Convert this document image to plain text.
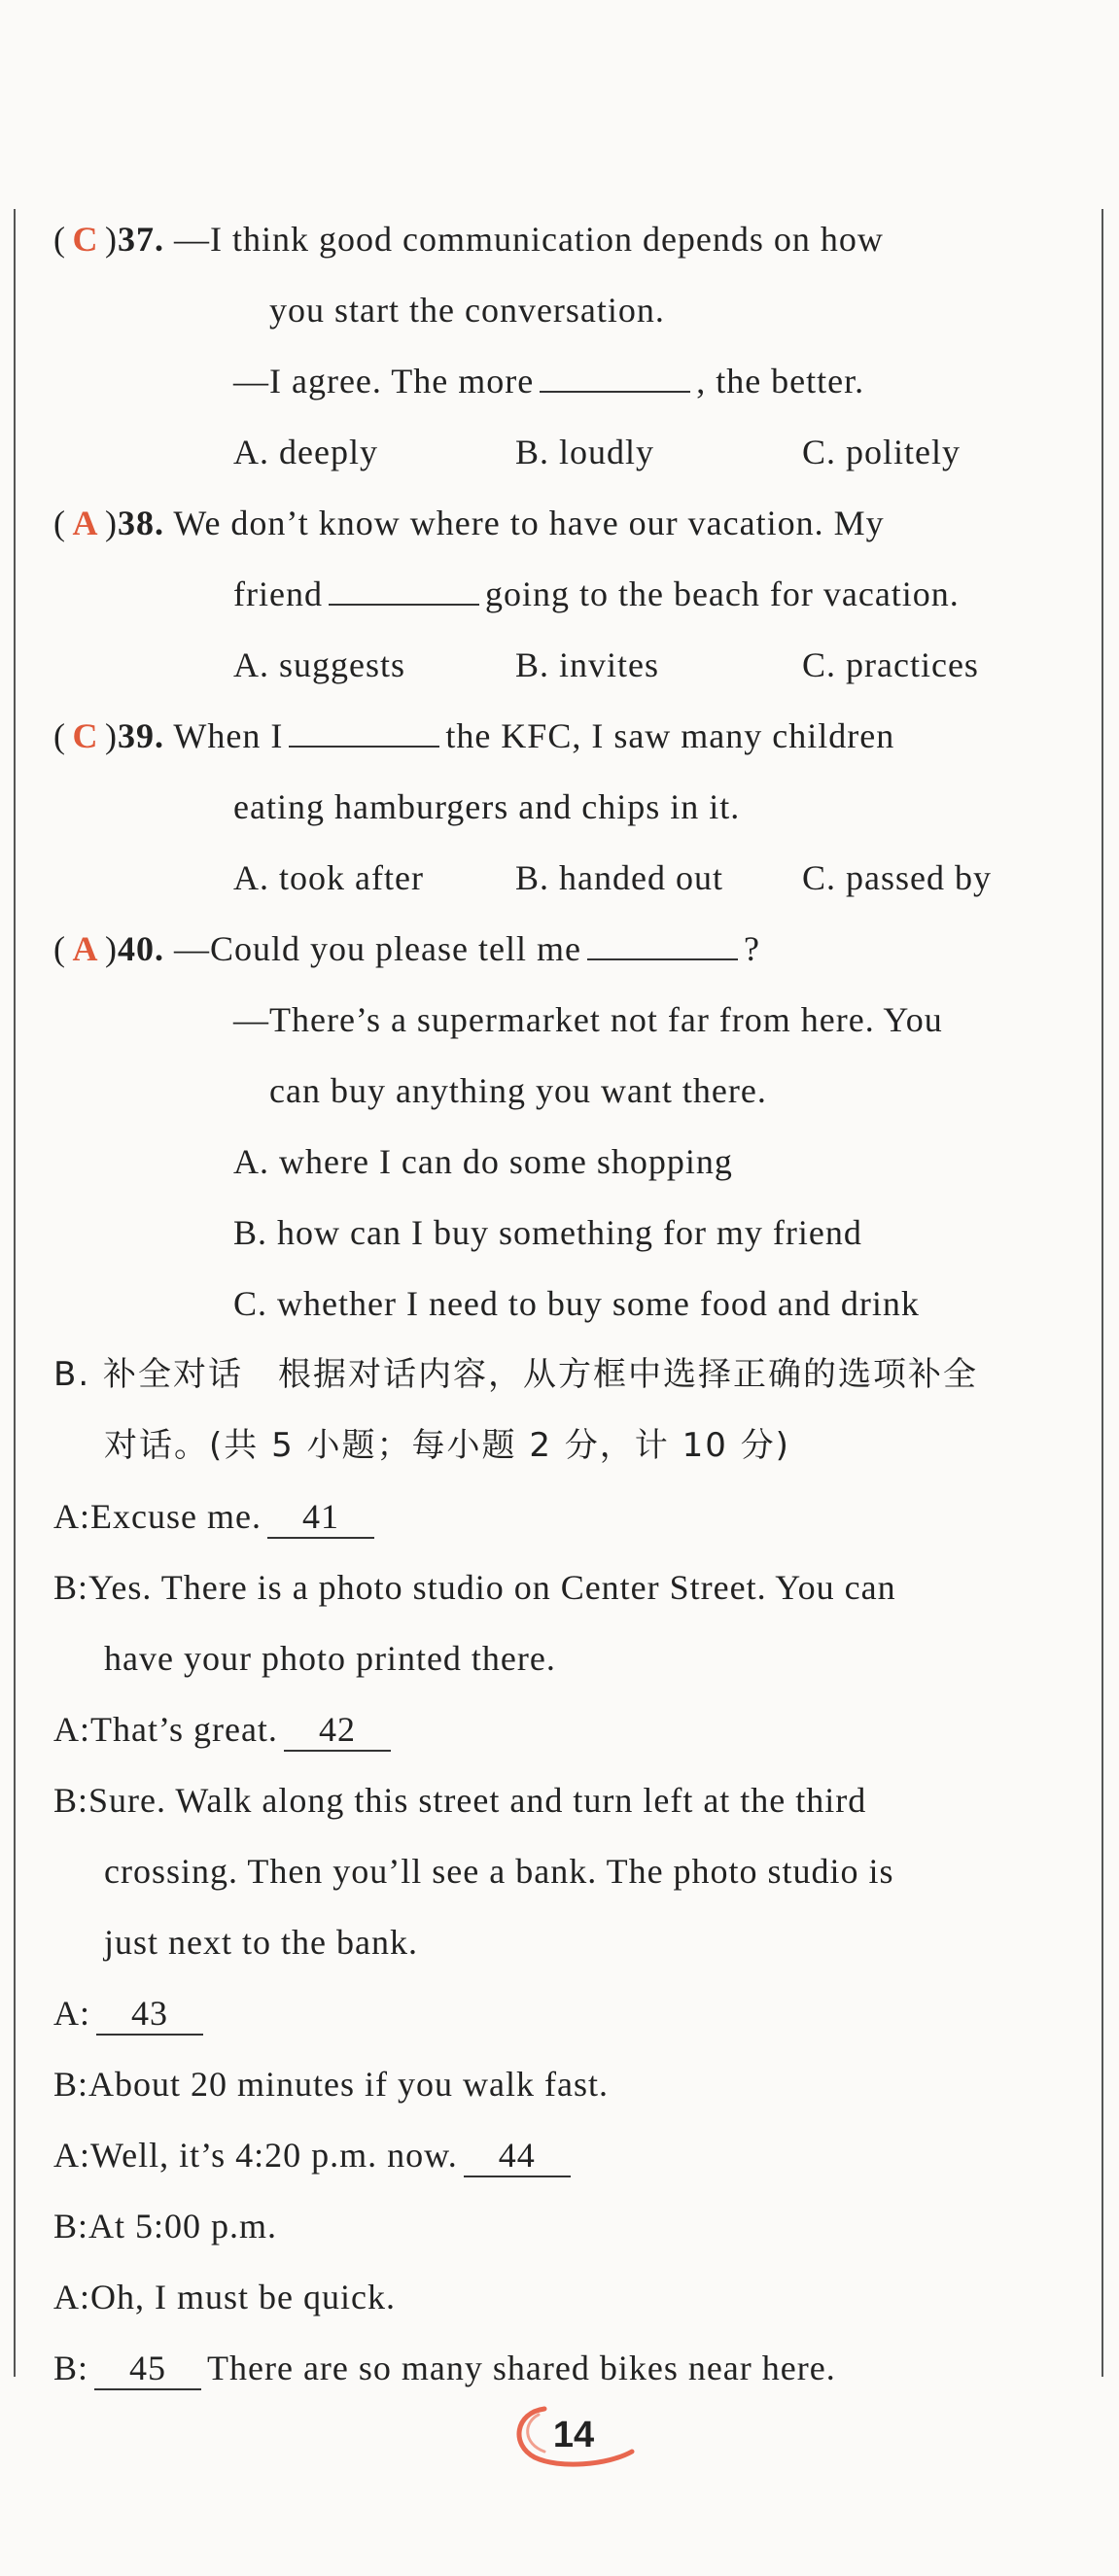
( C )37. —I think good communication depends on how
you start the conversation.
—I agree. The more	, the better.
A. deeply	B. loudly	C. politely
( A )38. We don’t know where to have our vacation. My
friend	going to the beach for vacation.
A. suggests	B. invites	C. practices
( C )39. When I	the KFC, I saw many children
eating hamburgers and chips in it.
A. took after	B. handed out C. passed by
( A )40. —Could you please tell me	?
—There’s a supermarket not far from here. You
can buy anything you want there.
A. where I can do some shopping
B. how can I buy something for my friend
C. whether I need to buy some food and drink
B. 补全对话　根据对话内容，从方框中选择正确的选项补全
对话。(共 5 小题；每小题 2 分，计 10 分)
A:Excuse me. 41
B:Yes. There is a photo studio on Center Street. You can
have your photo printed there.
A:That’s great. 42
B:Sure. Walk along this street and turn left at the third
crossing. Then you’ll see a bank. The photo studio is
just next to the bank.
A: 43
B:About 20 minutes if you walk fast.
A:Well, it’s 4:20 p.m. now. 44
B:At 5:00 p.m.
A:Oh, I must be quick.
B: 45 There are so many shared bikes near here.
14
